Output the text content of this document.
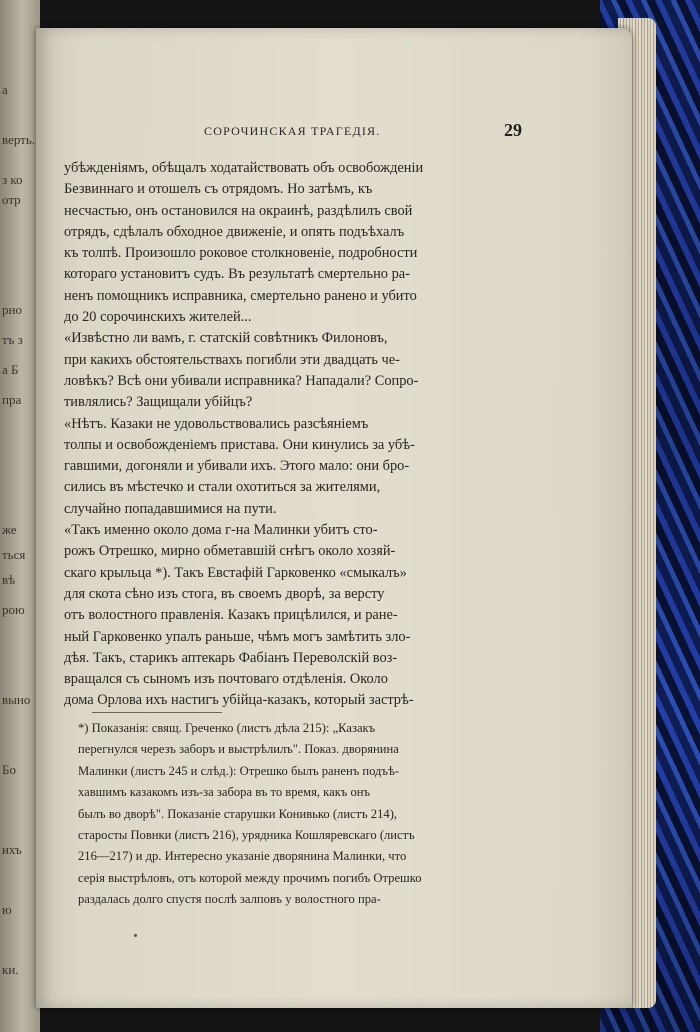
а
верть.
з ко
отр
рно
тъ з
а Б
пра
же
ться
вѣ
рою
выно
Бо
ихъ
ю
ки.
СОРОЧИНСКАЯ ТРАГЕДІЯ.	29
убѣжденіямъ, обѣщалъ ходатайствовать объ освобожденіи
Безвиннаго и отошелъ съ отрядомъ. Но затѣмъ, къ
несчастью, онъ остановился на окраинѣ, раздѣлилъ свой
отрядъ, сдѣлалъ обходное движеніе, и опять подъѣхалъ
къ толпѣ. Произошло роковое столкновеніе, подробности
котораго установитъ судъ. Въ результатѣ смертельно ра-
ненъ помощникъ исправника, смертельно ранено и убито
до 20 сорочинскихъ жителей...
«Извѣстно ли вамъ, г. статскій совѣтникъ Филоновъ,
при какихъ обстоятельствахъ погибли эти двадцать че-
ловѣкъ? Всѣ они убивали исправника? Нападали? Сопро-
тивлялись? Защищали убійцъ?
«Нѣтъ. Казаки не удовольствовались разсѣяніемъ
толпы и освобожденіемъ пристава. Они кинулись за убѣ-
гавшими, догоняли и убивали ихъ. Этого мало: они бро-
сились въ мѣстечко и стали охотиться за жителями,
случайно попадавшимися на пути.
«Такъ именно около дома г-на Малинки убитъ сто-
рожъ Отрешко, мирно обметавшій снѣгъ около хозяй-
скаго крыльца *). Такъ Евстафій Гарковенко «смыкалъ»
для скота сѣно изъ стога, въ своемъ дворѣ, за версту
отъ волостного правленія. Казакъ прицѣлился, и ране-
ный Гарковенко упалъ раньше, чѣмъ могъ замѣтить зло-
дѣя. Такъ, старикъ аптекарь Фабіанъ Переволскій воз-
вращался съ сыномъ изъ почтоваго отдѣленія. Около
дома Орлова ихъ настигъ убійца-казакъ, который застрѣ-
*) Показанія: свящ. Греченко (листъ дѣла 215): „Казакъ
перегнулся черезъ заборъ и выстрѣлилъ". Показ. дворянина
Малинки (листъ 245 и слѣд.): Отрешко былъ раненъ подъѣ-
хавшимъ казакомъ изъ-за забора въ то время, какъ онъ
былъ во дворѣ". Показаніе старушки Конивько (листъ 214),
старосты Повнки (листъ 216), урядника Кошляревскаго (листъ
216—217) и др. Интересно указаніе дворянина Малинки, что
серія выстрѣловъ, отъ которой между прочимъ погибъ Отрешко
раздалась долго спустя послѣ залповъ у волостного пра-
